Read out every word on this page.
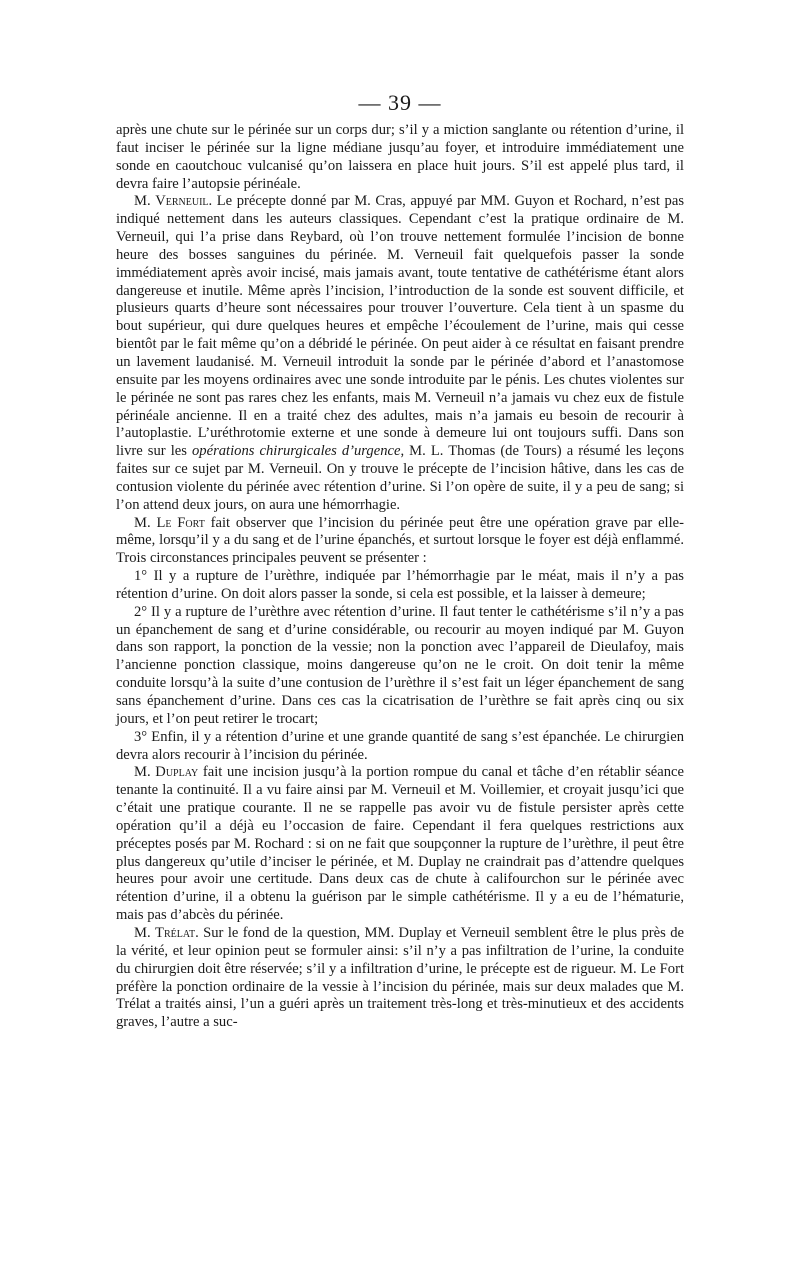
— 39 —

après une chute sur le périnée sur un corps dur; s’il y a miction sanglante ou rétention d’urine, il faut inciser le périnée sur la ligne médiane jusqu’au foyer, et introduire immédiatement une sonde en caoutchouc vulcanisé qu’on laissera en place huit jours. S’il est appelé plus tard, il devra faire l’autopsie périnéale.

M. Verneuil. Le précepte donné par M. Cras, appuyé par MM. Guyon et Rochard, n’est pas indiqué nettement dans les auteurs classiques. Cependant c’est la pratique ordinaire de M. Verneuil, qui l’a prise dans Reybard, où l’on trouve nettement formulée l’incision de bonne heure des bosses sanguines du périnée. M. Verneuil fait quelquefois passer la sonde immédiatement après avoir incisé, mais jamais avant, toute tentative de cathétérisme étant alors dangereuse et inutile. Même après l’incision, l’introduction de la sonde est souvent difficile, et plusieurs quarts d’heure sont nécessaires pour trouver l’ouverture. Cela tient à un spasme du bout supérieur, qui dure quelques heures et empêche l’écoulement de l’urine, mais qui cesse bientôt par le fait même qu’on a débridé le périnée. On peut aider à ce résultat en faisant prendre un lavement laudanisé. M. Verneuil introduit la sonde par le périnée d’abord et l’anastomose ensuite par les moyens ordinaires avec une sonde introduite par le pénis. Les chutes violentes sur le périnée ne sont pas rares chez les enfants, mais M. Verneuil n’a jamais vu chez eux de fistule périnéale ancienne. Il en a traité chez des adultes, mais n’a jamais eu besoin de recourir à l’autoplastie. L’uréthrotomie externe et une sonde à demeure lui ont toujours suffi. Dans son livre sur les opérations chirurgicales d’urgence, M. L. Thomas (de Tours) a résumé les leçons faites sur ce sujet par M. Verneuil. On y trouve le précepte de l’incision hâtive, dans les cas de contusion violente du périnée avec rétention d’urine. Si l’on opère de suite, il y a peu de sang; si l’on attend deux jours, on aura une hémorrhagie.

M. Le Fort fait observer que l’incision du périnée peut être une opération grave par elle-même, lorsqu’il y a du sang et de l’urine épanchés, et surtout lorsque le foyer est déjà enflammé. Trois circonstances principales peuvent se présenter :

1° Il y a rupture de l’urèthre, indiquée par l’hémorrhagie par le méat, mais il n’y a pas rétention d’urine. On doit alors passer la sonde, si cela est possible, et la laisser à demeure;

2° Il y a rupture de l’urèthre avec rétention d’urine. Il faut tenter le cathétérisme s’il n’y a pas un épanchement de sang et d’urine considérable, ou recourir au moyen indiqué par M. Guyon dans son rapport, la ponction de la vessie; non la ponction avec l’appareil de Dieulafoy, mais l’ancienne ponction classique, moins dangereuse qu’on ne le croit. On doit tenir la même conduite lorsqu’à la suite d’une contusion de l’urèthre il s’est fait un léger épanchement de sang sans épanchement d’urine. Dans ces cas la cicatrisation de l’urèthre se fait après cinq ou six jours, et l’on peut retirer le trocart;

3° Enfin, il y a rétention d’urine et une grande quantité de sang s’est épanchée. Le chirurgien devra alors recourir à l’incision du périnée.

M. Duplay fait une incision jusqu’à la portion rompue du canal et tâche d’en rétablir séance tenante la continuité. Il a vu faire ainsi par M. Verneuil et M. Voillemier, et croyait jusqu’ici que c’était une pratique courante. Il ne se rappelle pas avoir vu de fistule persister après cette opération qu’il a déjà eu l’occasion de faire. Cependant il fera quelques restrictions aux préceptes posés par M. Rochard : si on ne fait que soupçonner la rupture de l’urèthre, il peut être plus dangereux qu’utile d’inciser le périnée, et M. Duplay ne craindrait pas d’attendre quelques heures pour avoir une certitude. Dans deux cas de chute à califourchon sur le périnée avec rétention d’urine, il a obtenu la guérison par le simple cathétérisme. Il y a eu de l’hématurie, mais pas d’abcès du périnée.

M. Trélat. Sur le fond de la question, MM. Duplay et Verneuil semblent être le plus près de la vérité, et leur opinion peut se formuler ainsi: s’il n’y a pas infiltration de l’urine, la conduite du chirurgien doit être réservée; s’il y a infiltration d’urine, le précepte est de rigueur. M. Le Fort préfère la ponction ordinaire de la vessie à l’incision du périnée, mais sur deux malades que M. Trélat a traités ainsi, l’un a guéri après un traitement très-long et très-minutieux et des accidents graves, l’autre a suc-
